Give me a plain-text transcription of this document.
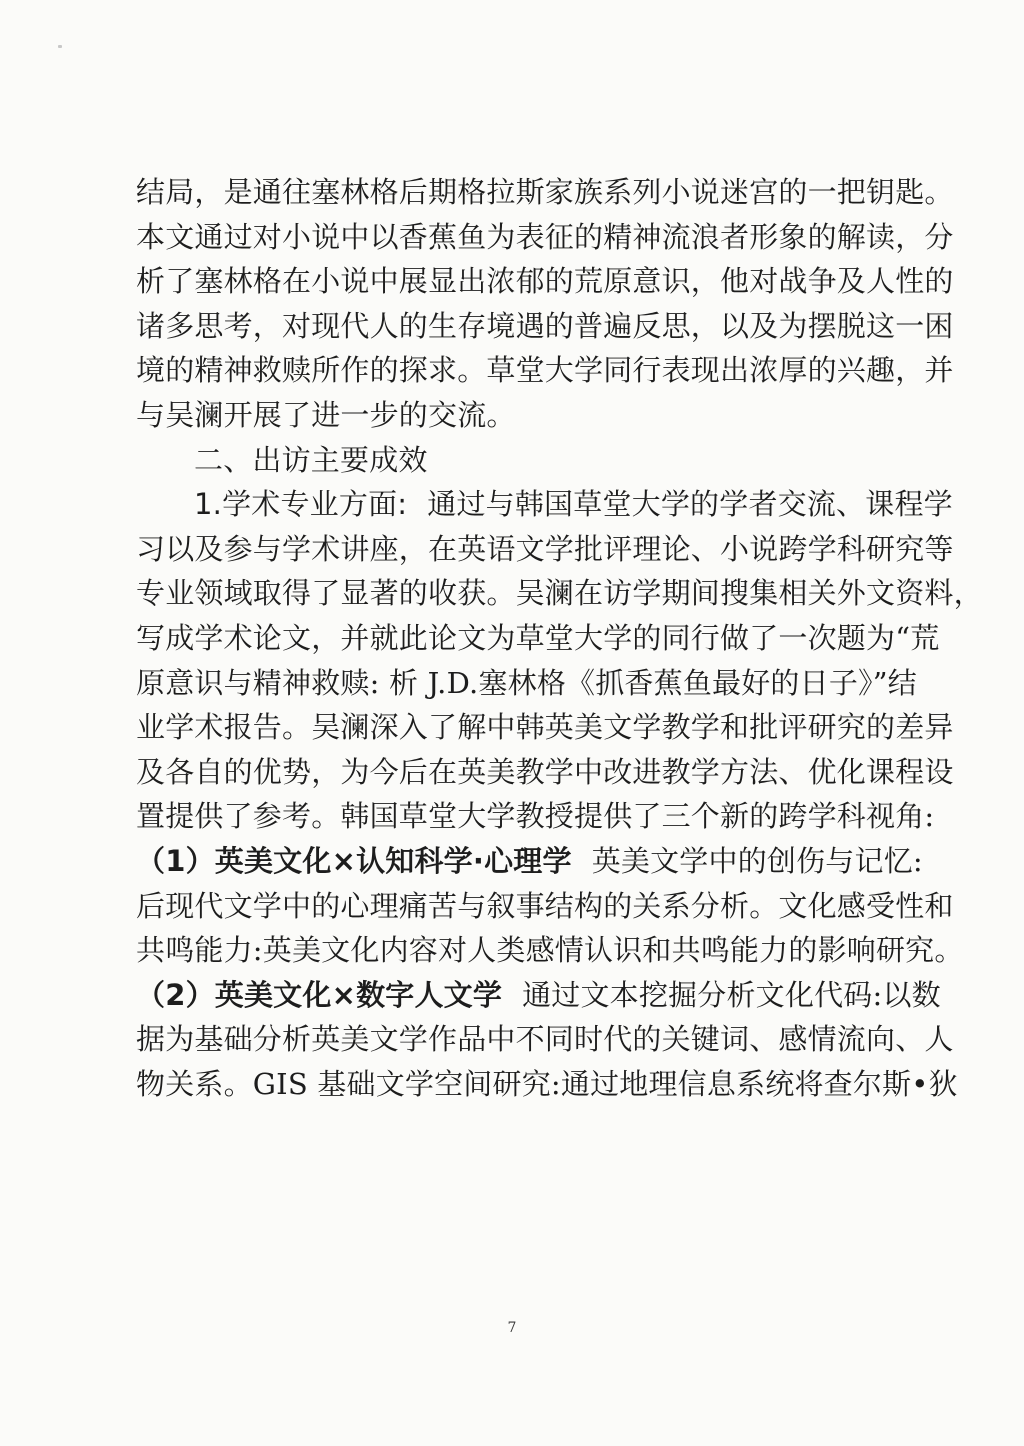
结局，是通往塞林格后期格拉斯家族系列小说迷宫的一把钥匙。
本文通过对小说中以香蕉鱼为表征的精神流浪者形象的解读，分
析了塞林格在小说中展显出浓郁的荒原意识，他对战争及人性的
诸多思考，对现代人的生存境遇的普遍反思，以及为摆脱这一困
境的精神救赎所作的探求。草堂大学同行表现出浓厚的兴趣，并
与吴澜开展了进一步的交流。
二、出访主要成效
1.学术专业方面: 通过与韩国草堂大学的学者交流、课程学
习以及参与学术讲座，在英语文学批评理论、小说跨学科研究等
专业领域取得了显著的收获。吴澜在访学期间搜集相关外文资料，
写成学术论文，并就此论文为草堂大学的同行做了一次题为“荒
原意识与精神救赎: 析 J.D.塞林格《抓香蕉鱼最好的日子》”结
业学术报告。吴澜深入了解中韩英美文学教学和批评研究的差异
及各自的优势，为今后在英美教学中改进教学方法、优化课程设
置提供了参考。韩国草堂大学教授提供了三个新的跨学科视角:
（1）英美文化×认知科学·心理学 英美文学中的创伤与记忆:
后现代文学中的心理痛苦与叙事结构的关系分析。文化感受性和
共鸣能力:英美文化内容对人类感情认识和共鸣能力的影响研究。
（2）英美文化×数字人文学 通过文本挖掘分析文化代码:以数
据为基础分析英美文学作品中不同时代的关键词、感情流向、人
物关系。GIS 基础文学空间研究:通过地理信息系统将查尔斯•狄
7
